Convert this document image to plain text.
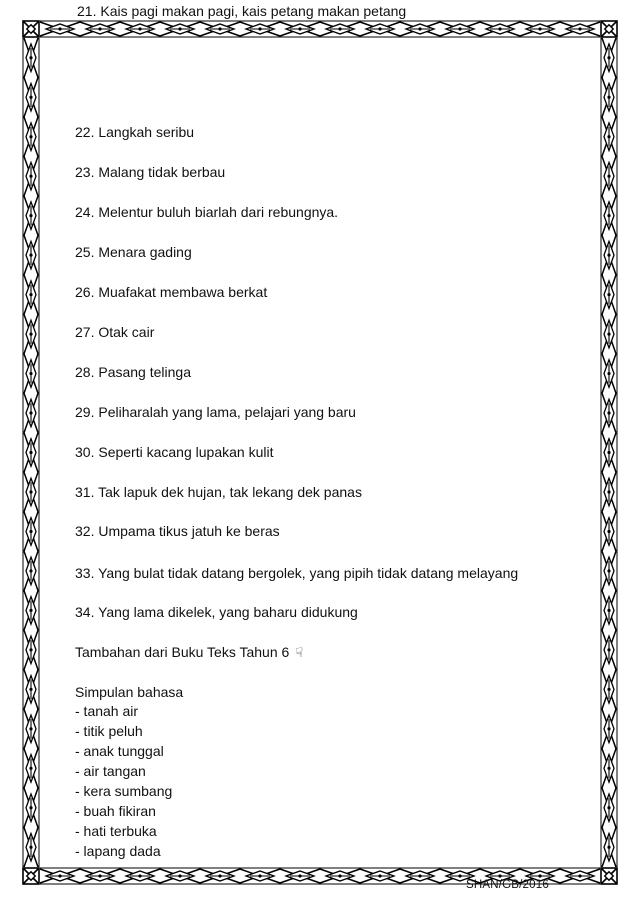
21. Kais pagi makan pagi, kais petang makan petang
22. Langkah seribu
23. Malang tidak berbau
24. Melentur buluh biarlah dari rebungnya.
25. Menara gading
26. Muafakat membawa berkat
27. Otak cair
28. Pasang telinga
29. Peliharalah yang lama, pelajari yang baru
30. Seperti kacang lupakan kulit
31. Tak lapuk dek hujan, tak lekang dek panas
32. Umpama tikus jatuh ke beras
33. Yang bulat tidak datang bergolek, yang pipih tidak datang melayang
34. Yang lama dikelek, yang baharu didukung
Tambahan dari Buku Teks Tahun 6 ☟
Simpulan bahasa
- tanah air
- titik peluh
- anak tunggal
- air tangan
- kera sumbang
- buah fikiran
- hati terbuka
- lapang dada
SHAN/GB/2016
